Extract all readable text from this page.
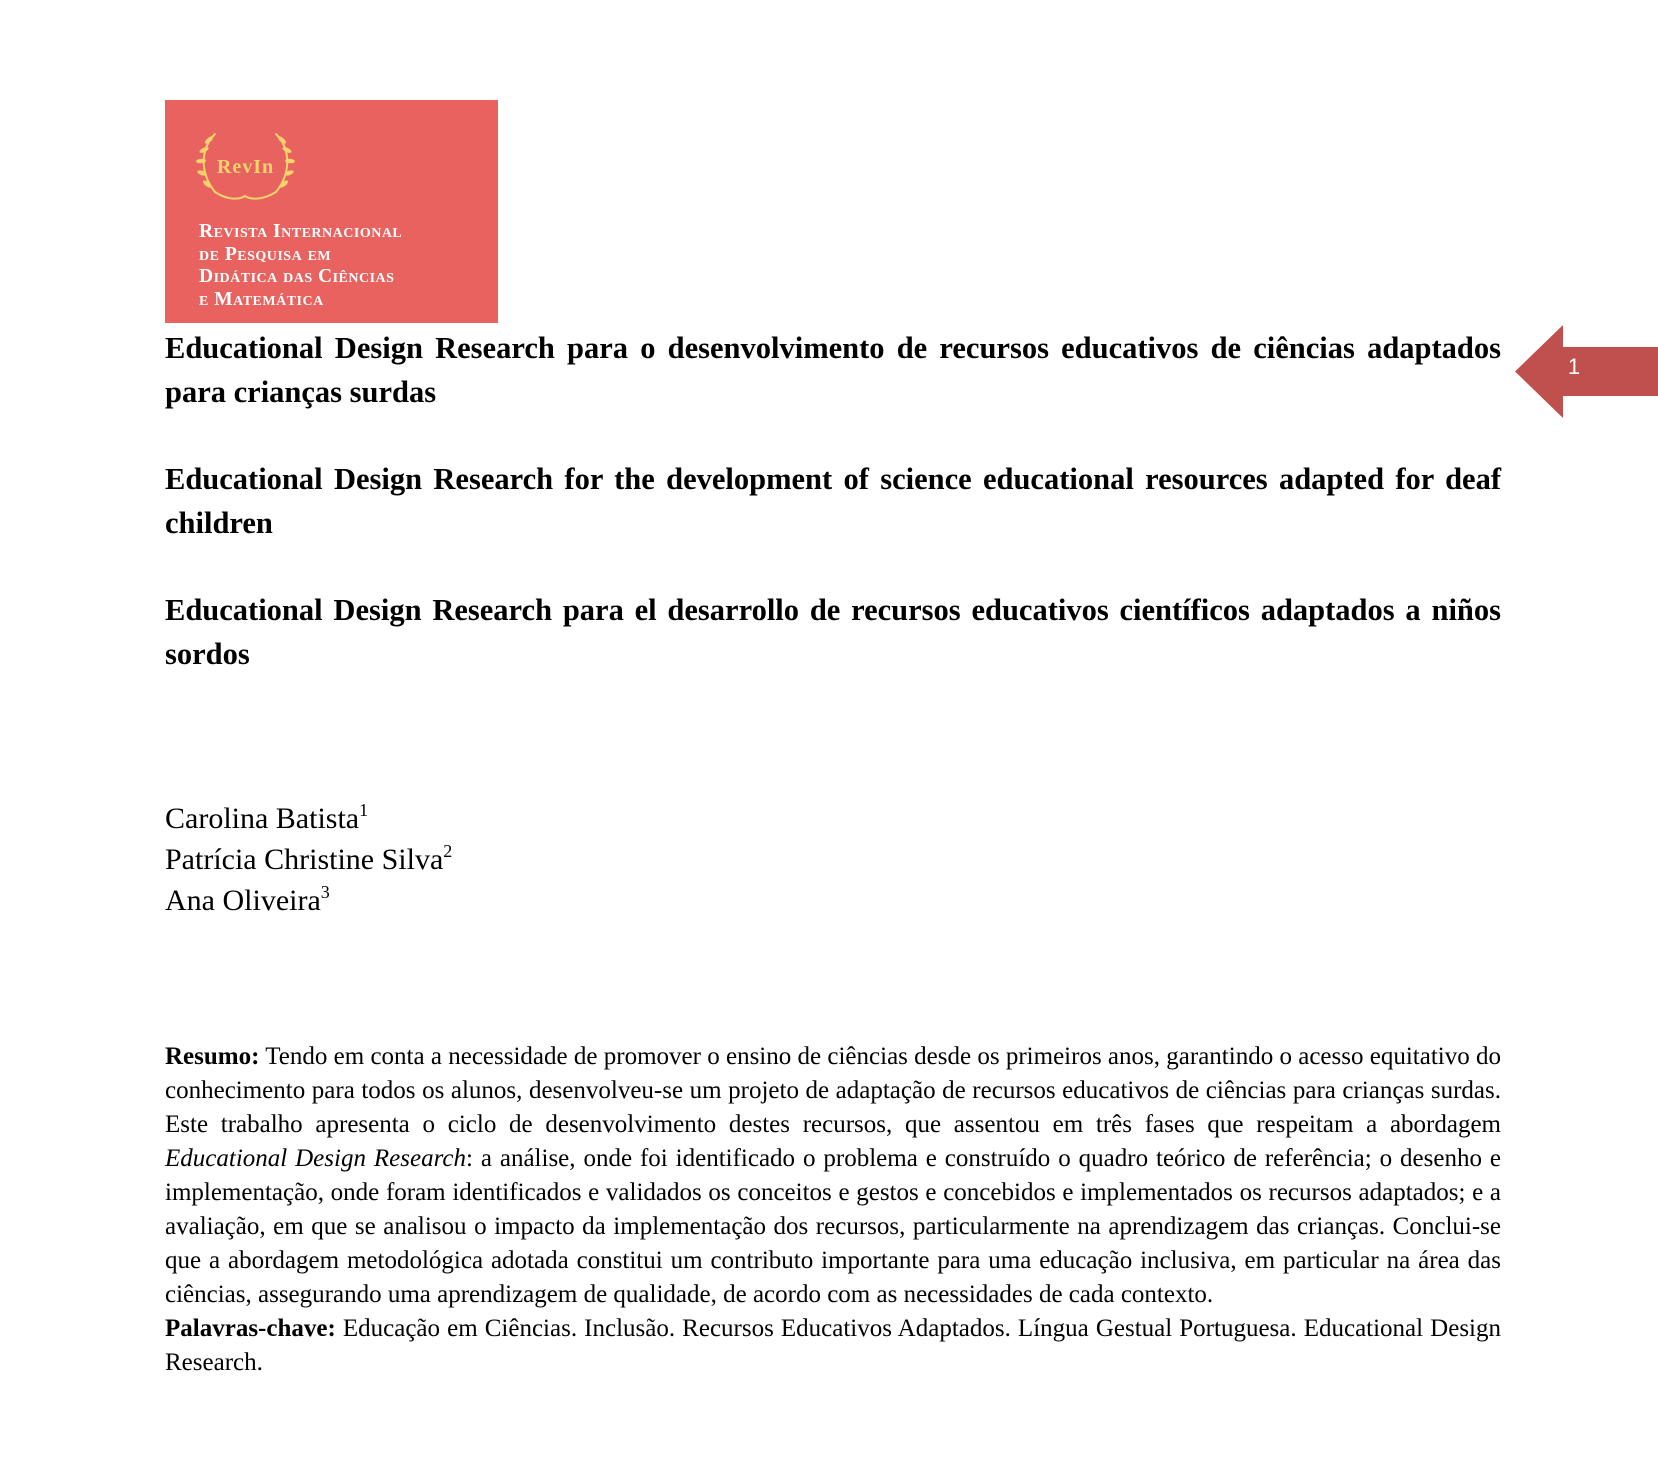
RevIn
Revista Internacional
de Pesquisa em
Didática das Ciências
e Matemática
1
Educational Design Research para o desenvolvimento de recursos educativos de ciências adaptados para crianças surdas
Educational Design Research for the development of science educational resources adapted for deaf children
Educational Design Research para el desarrollo de recursos educativos científicos adaptados a niños sordos
Carolina Batista$^1$
Patrícia Christine Silva$^2$
Ana Oliveira$^3$

Resumo: Tendo em conta a necessidade de promover o ensino de ciências desde os primeiros anos, garantindo o acesso equitativo do conhecimento para todos os alunos, desenvolveu-se um projeto de adaptação de recursos educativos de ciências para crianças surdas. Este trabalho apresenta o ciclo de desenvolvimento destes recursos, que assentou em três fases que respeitam a abordagem Educational Design Research: a análise, onde foi identificado o problema e construído o quadro teórico de referência; o desenho e implementação, onde foram identificados e validados os conceitos e gestos e concebidos e implementados os recursos adaptados; e a avaliação, em que se analisou o impacto da implementação dos recursos, particularmente na aprendizagem das crianças. Conclui-se que a abordagem metodológica adotada constitui um contributo importante para uma educação inclusiva, em particular na área das ciências, assegurando uma aprendizagem de qualidade, de acordo com as necessidades de cada contexto.

Palavras-chave: Educação em Ciências. Inclusão. Recursos Educativos Adaptados. Língua Gestual Portuguesa. Educational Design Research.
